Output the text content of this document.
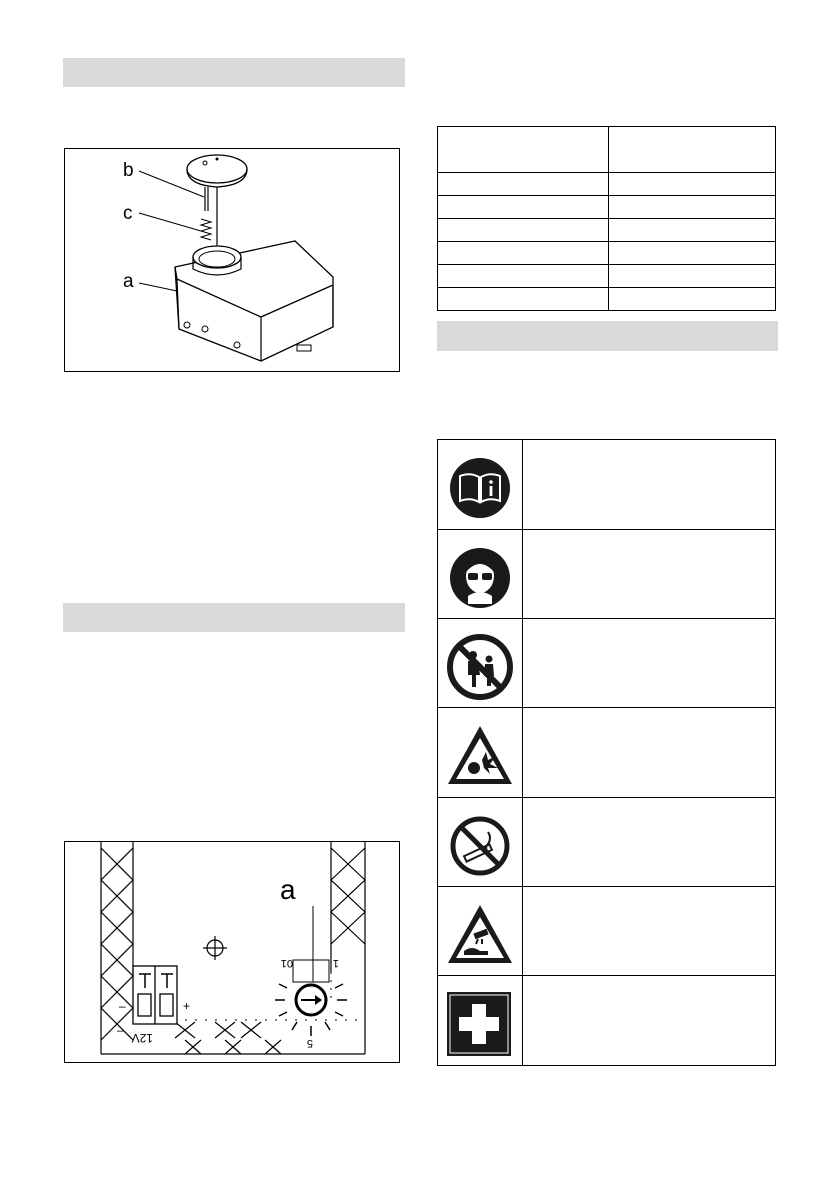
b
c
a
–	+
–
12V
01	1
5
a
